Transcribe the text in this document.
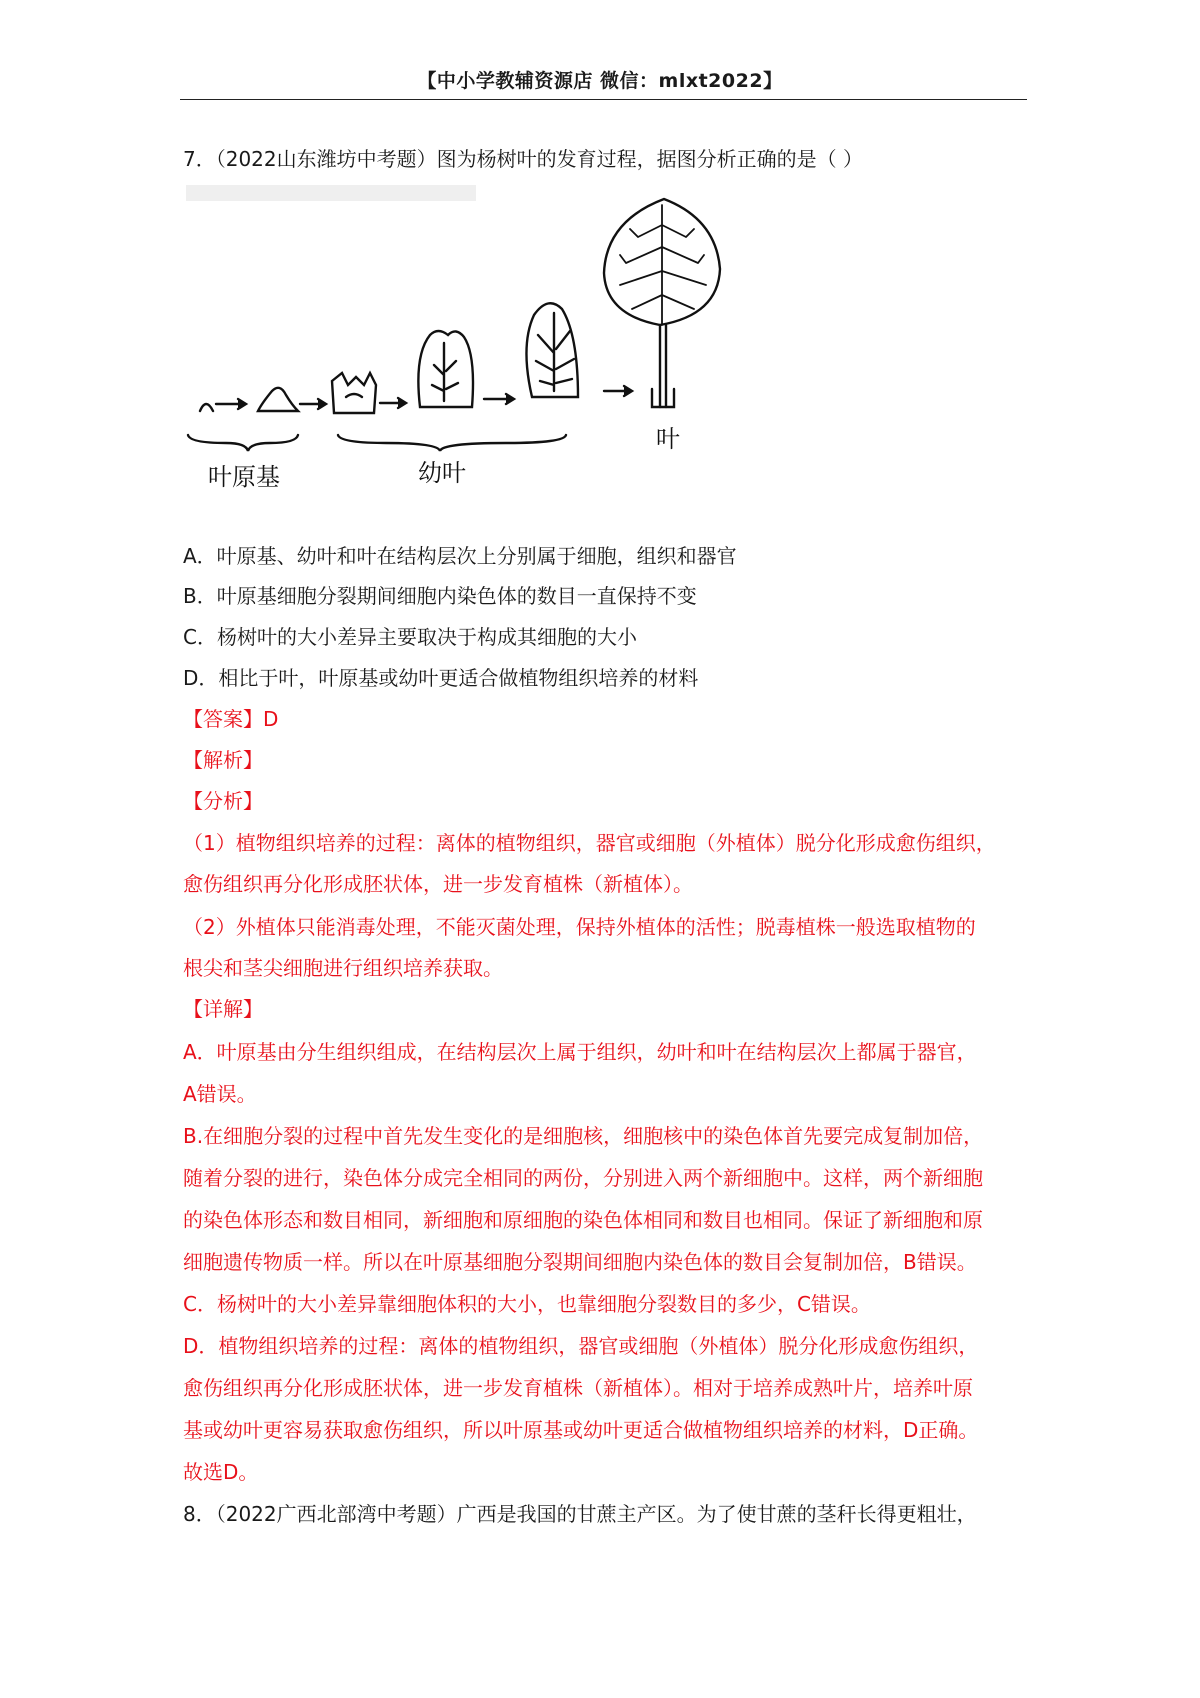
【中小学教辅资源店 微信：mlxt2022】
7．（2022山东潍坊中考题）图为杨树叶的发育过程，据图分析正确的是（ ）
叶原基	幼叶
叶
A．叶原基、幼叶和叶在结构层次上分别属于细胞，组织和器官
B．叶原基细胞分裂期间细胞内染色体的数目一直保持不变
C．杨树叶的大小差异主要取决于构成其细胞的大小
D．相比于叶，叶原基或幼叶更适合做植物组织培养的材料
【答案】D
【解析】
【分析】
（1）植物组织培养的过程：离体的植物组织，器官或细胞（外植体）脱分化形成愈伤组织，
愈伤组织再分化形成胚状体，进一步发育植株（新植体）。
（2）外植体只能消毒处理，不能灭菌处理，保持外植体的活性；脱毒植株一般选取植物的
根尖和茎尖细胞进行组织培养获取。
【详解】
A．叶原基由分生组织组成，在结构层次上属于组织，幼叶和叶在结构层次上都属于器官，
A错误。
B.在细胞分裂的过程中首先发生变化的是细胞核，细胞核中的染色体首先要完成复制加倍，
随着分裂的进行，染色体分成完全相同的两份，分别进入两个新细胞中。这样，两个新细胞
的染色体形态和数目相同，新细胞和原细胞的染色体相同和数目也相同。保证了新细胞和原
细胞遗传物质一样。所以在叶原基细胞分裂期间细胞内染色体的数目会复制加倍，B错误。
C．杨树叶的大小差异靠细胞体积的大小，也靠细胞分裂数目的多少，C错误。
D．植物组织培养的过程：离体的植物组织，器官或细胞（外植体）脱分化形成愈伤组织，
愈伤组织再分化形成胚状体，进一步发育植株（新植体）。相对于培养成熟叶片，培养叶原
基或幼叶更容易获取愈伤组织，所以叶原基或幼叶更适合做植物组织培养的材料，D正确。
故选D。
8．（2022广西北部湾中考题）广西是我国的甘蔗主产区。为了使甘蔗的茎秆长得更粗壮，
